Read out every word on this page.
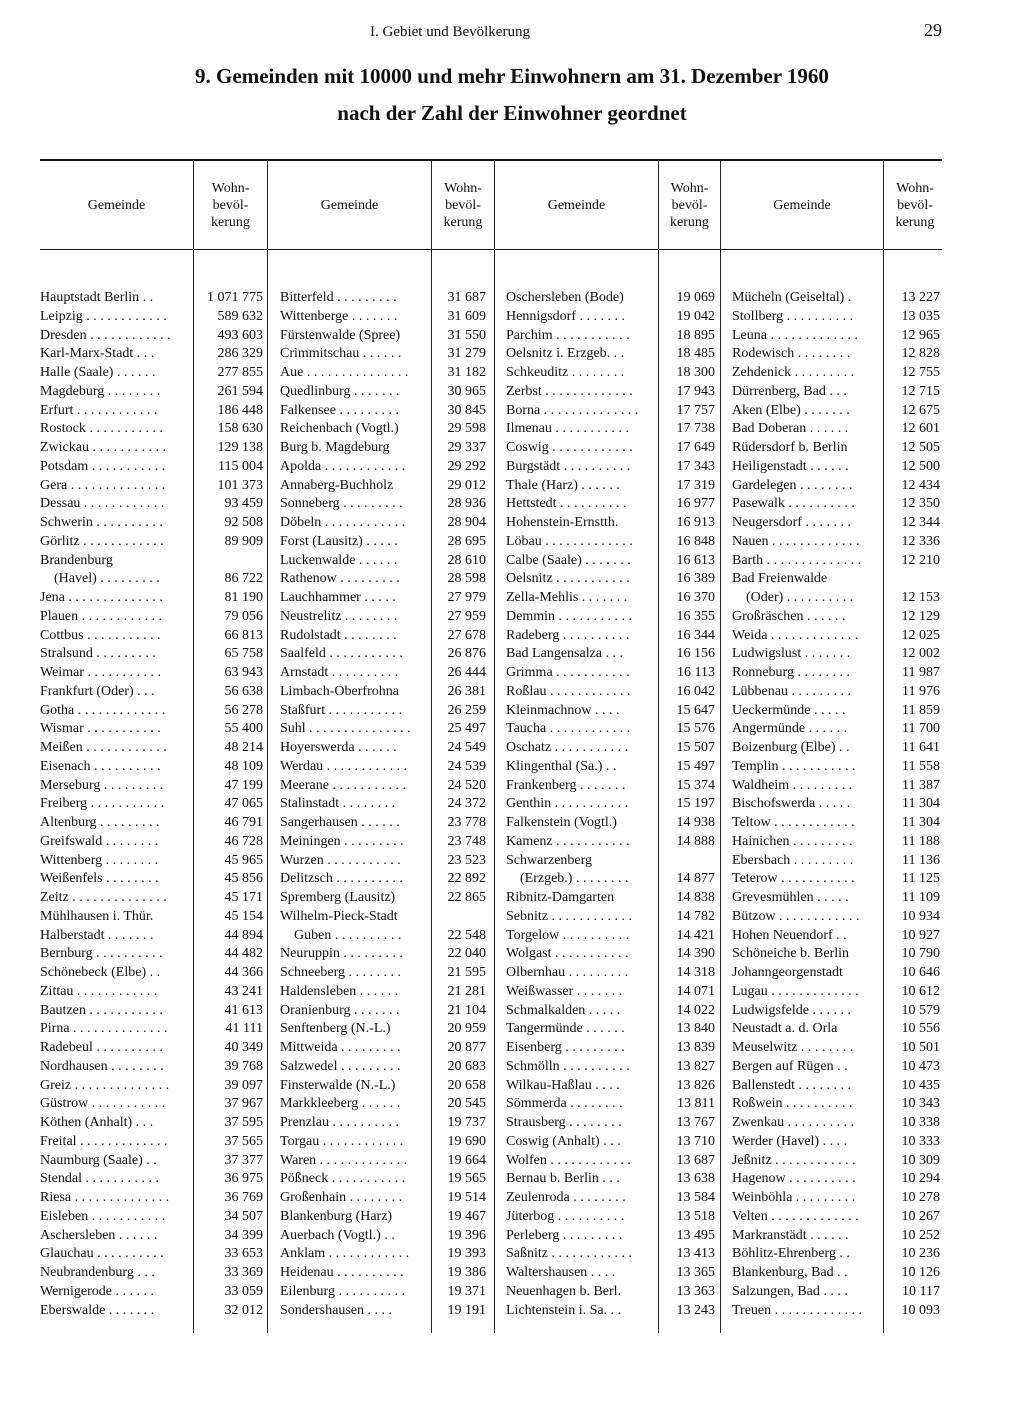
I. Gebiet und Bevölkerung	29
9. Gemeinden mit 10000 und mehr Einwohnern am 31. Dezember 1960
nach der Zahl der Einwohner geordnet
Gemeinde
Wohn-
bevöl-
kerung
Gemeinde
Wohn-
bevöl-
kerung
Gemeinde
Wohn-
bevöl-
kerung
Gemeinde
Wohn-
bevöl-
kerung
Hauptstadt Berlin . .	1 071 775
Leipzig . . . . . . . . . . . .	589 632
Dresden . . . . . . . . . . . .	493 603
Karl-Marx-Stadt . . .	286 329
Halle (Saale) . . . . . .	277 855
Magdeburg . . . . . . . .	261 594
Erfurt . . . . . . . . . . . .	186 448
Rostock . . . . . . . . . . .	158 630
Zwickau . . . . . . . . . . .	129 138
Potsdam . . . . . . . . . . .	115 004
Gera . . . . . . . . . . . . . .	101 373
Dessau . . . . . . . . . . . .	93 459
Schwerin . . . . . . . . . .	92 508
Görlitz . . . . . . . . . . . .	89 909
Brandenburg
(Havel) . . . . . . . . .	86 722
Jena . . . . . . . . . . . . . .	81 190
Plauen . . . . . . . . . . . .	79 056
Cottbus . . . . . . . . . . .	66 813
Stralsund . . . . . . . . .	65 758
Weimar . . . . . . . . . . .	63 943
Frankfurt (Oder) . . .	56 638
Gotha . . . . . . . . . . . . .	56 278
Wismar . . . . . . . . . . .	55 400
Meißen . . . . . . . . . . . .	48 214
Eisenach . . . . . . . . . .	48 109
Merseburg . . . . . . . . .	47 199
Freiberg . . . . . . . . . . .	47 065
Altenburg . . . . . . . . .	46 791
Greifswald . . . . . . . .	46 728
Wittenberg . . . . . . . .	45 965
Weißenfels . . . . . . . .	45 856
Zeitz . . . . . . . . . . . . . .	45 171
Mühlhausen i. Thür.	45 154
Halberstadt . . . . . . .	44 894
Bernburg . . . . . . . . . .	44 482
Schönebeck (Elbe) . .	44 366
Zittau . . . . . . . . . . . .	43 241
Bautzen . . . . . . . . . . .	41 613
Pirna . . . . . . . . . . . . . .	41 111
Radebeul . . . . . . . . . .	40 349
Nordhausen . . . . . . . .	39 768
Greiz . . . . . . . . . . . . . .	39 097
Güstrow . . . . . . . . . . .	37 967
Köthen (Anhalt) . . .	37 595
Freital . . . . . . . . . . . . .	37 565
Naumburg (Saale) . .	37 377
Stendal . . . . . . . . . . .	36 975
Riesa . . . . . . . . . . . . . .	36 769
Eisleben . . . . . . . . . . .	34 507
Aschersleben . . . . . .	34 399
Glauchau . . . . . . . . . .	33 653
Neubrandenburg . . .	33 369
Wernigerode . . . . . .	33 059
Eberswalde . . . . . . .	32 012
Bitterfeld . . . . . . . . .	31 687
Wittenberge . . . . . . .	31 609
Fürstenwalde (Spree)	31 550
Crimmitschau . . . . . .	31 279
Aue . . . . . . . . . . . . . . .	31 182
Quedlinburg . . . . . . .	30 965
Falkensee . . . . . . . . .	30 845
Reichenbach (Vogtl.)	29 598
Burg b. Magdeburg	29 337
Apolda . . . . . . . . . . . .	29 292
Annaberg-Buchholz	29 012
Sonneberg . . . . . . . . .	28 936
Döbeln . . . . . . . . . . . .	28 904
Forst (Lausitz) . . . . .	28 695
Luckenwalde . . . . . .	28 610
Rathenow . . . . . . . . .	28 598
Lauchhammer . . . . .	27 979
Neustrelitz . . . . . . . .	27 959
Rudolstadt . . . . . . . .	27 678
Saalfeld . . . . . . . . . . .	26 876
Arnstadt . . . . . . . . . .	26 444
Limbach-Oberfrohna	26 381
Staßfurt . . . . . . . . . . .	26 259
Suhl . . . . . . . . . . . . . . .	25 497
Hoyerswerda . . . . . .	24 549
Werdau . . . . . . . . . . . .	24 539
Meerane . . . . . . . . . . .	24 520
Stalinstadt . . . . . . . .	24 372
Sangerhausen . . . . . .	23 778
Meiningen . . . . . . . . .	23 748
Wurzen . . . . . . . . . . .	23 523
Delitzsch . . . . . . . . . .	22 892
Spremberg (Lausitz)	22 865
Wilhelm-Pieck-Stadt
Guben . . . . . . . . . .	22 548
Neuruppin . . . . . . . . .	22 040
Schneeberg . . . . . . . .	21 595
Haldensleben . . . . . .	21 281
Oranienburg . . . . . . .	21 104
Senftenberg (N.-L.)	20 959
Mittweida . . . . . . . . .	20 877
Salzwedel . . . . . . . . .	20 683
Finsterwalde (N.-L.)	20 658
Markkleeberg . . . . . .	20 545
Prenzlau . . . . . . . . . .	19 737
Torgau . . . . . . . . . . . .	19 690
Waren . . . . . . . . . . . . .	19 664
Pößneck . . . . . . . . . . .	19 565
Großenhain . . . . . . . .	19 514
Blankenburg (Harz)	19 467
Auerbach (Vogtl.) . .	19 396
Anklam . . . . . . . . . . . .	19 393
Heidenau . . . . . . . . . .	19 386
Eilenburg . . . . . . . . . .	19 371
Sondershausen . . . .	19 191
Oschersleben (Bode)	19 069
Hennigsdorf . . . . . . .	19 042
Parchim . . . . . . . . . . .	18 895
Oelsnitz i. Erzgeb. . .	18 485
Schkeuditz . . . . . . . .	18 300
Zerbst . . . . . . . . . . . . .	17 943
Borna . . . . . . . . . . . . . .	17 757
Ilmenau . . . . . . . . . . .	17 738
Coswig . . . . . . . . . . . .	17 649
Burgstädt . . . . . . . . . .	17 343
Thale (Harz) . . . . . .	17 319
Hettstedt . . . . . . . . . .	16 977
Hohenstein-Ernstth.	16 913
Löbau . . . . . . . . . . . . .	16 848
Calbe (Saale) . . . . . . .	16 613
Oelsnitz . . . . . . . . . . .	16 389
Zella-Mehlis . . . . . . .	16 370
Demmin . . . . . . . . . . .	16 355
Radeberg . . . . . . . . . .	16 344
Bad Langensalza . . .	16 156
Grimma . . . . . . . . . . .	16 113
Roßlau . . . . . . . . . . . .	16 042
Kleinmachnow . . . .	15 647
Taucha . . . . . . . . . . . .	15 576
Oschatz . . . . . . . . . . .	15 507
Klingenthal (Sa.) . .	15 497
Frankenberg . . . . . . .	15 374
Genthin . . . . . . . . . . .	15 197
Falkenstein (Vogtl.)	14 938
Kamenz . . . . . . . . . . .	14 888
Schwarzenberg
(Erzgeb.) . . . . . . . .	14 877
Ribnitz-Damgarten	14 838
Sebnitz . . . . . . . . . . . .	14 782
Torgelow . . . . . . . . . .	14 421
Wolgast . . . . . . . . . . .	14 390
Olbernhau . . . . . . . . .	14 318
Weißwasser . . . . . . .	14 071
Schmalkalden . . . . .	14 022
Tangermünde . . . . . .	13 840
Eisenberg . . . . . . . . .	13 839
Schmölln . . . . . . . . . .	13 827
Wilkau-Haßlau . . . .	13 826
Sömmerda . . . . . . . .	13 811
Strausberg . . . . . . . .	13 767
Coswig (Anhalt) . . .	13 710
Wolfen . . . . . . . . . . . .	13 687
Bernau b. Berlin . . .	13 638
Zeulenroda . . . . . . . .	13 584
Jüterbog . . . . . . . . . .	13 518
Perleberg . . . . . . . . .	13 495
Saßnitz . . . . . . . . . . . .	13 413
Waltershausen . . . .	13 365
Neuenhagen b. Berl.	13 363
Lichtenstein i. Sa. . .	13 243
Mücheln (Geiseltal) .	13 227
Stollberg . . . . . . . . . .	13 035
Leuna . . . . . . . . . . . . .	12 965
Rodewisch . . . . . . . .	12 828
Zehdenick . . . . . . . . .	12 755
Dürrenberg, Bad . . .	12 715
Aken (Elbe) . . . . . . .	12 675
Bad Doberan . . . . . .	12 601
Rüdersdorf b. Berlin	12 505
Heiligenstadt . . . . . .	12 500
Gardelegen . . . . . . . .	12 434
Pasewalk . . . . . . . . . .	12 350
Neugersdorf . . . . . . .	12 344
Nauen . . . . . . . . . . . . .	12 336
Barth . . . . . . . . . . . . . .	12 210
Bad Freienwalde
(Oder) . . . . . . . . . .	12 153
Großräschen . . . . . .	12 129
Weida . . . . . . . . . . . . .	12 025
Ludwigslust . . . . . . .	12 002
Ronneburg . . . . . . . .	11 987
Lübbenau . . . . . . . . .	11 976
Ueckermünde . . . . .	11 859
Angermünde . . . . . .	11 700
Boizenburg (Elbe) . .	11 641
Templin . . . . . . . . . . .	11 558
Waldheim . . . . . . . . .	11 387
Bischofswerda . . . . .	11 304
Teltow . . . . . . . . . . . .	11 304
Hainichen . . . . . . . . .	11 188
Ebersbach . . . . . . . . .	11 136
Teterow . . . . . . . . . . .	11 125
Grevesmühlen . . . . .	11 109
Bützow . . . . . . . . . . . .	10 934
Hohen Neuendorf . .	10 927
Schöneiche b. Berlin	10 790
Johanngeorgenstadt	10 646
Lugau . . . . . . . . . . . . .	10 612
Ludwigsfelde . . . . . .	10 579
Neustadt a. d. Orla	10 556
Meuselwitz . . . . . . . .	10 501
Bergen auf Rügen . .	10 473
Ballenstedt . . . . . . . .	10 435
Roßwein . . . . . . . . . .	10 343
Zwenkau . . . . . . . . . .	10 338
Werder (Havel) . . . .	10 333
Jeßnitz . . . . . . . . . . . .	10 309
Hagenow . . . . . . . . . .	10 294
Weinböhla . . . . . . . . .	10 278
Velten . . . . . . . . . . . . .	10 267
Markranstädt . . . . . .	10 252
Böhlitz-Ehrenberg . .	10 236
Blankenburg, Bad . .	10 126
Salzungen, Bad . . . .	10 117
Treuen . . . . . . . . . . . . .	10 093
